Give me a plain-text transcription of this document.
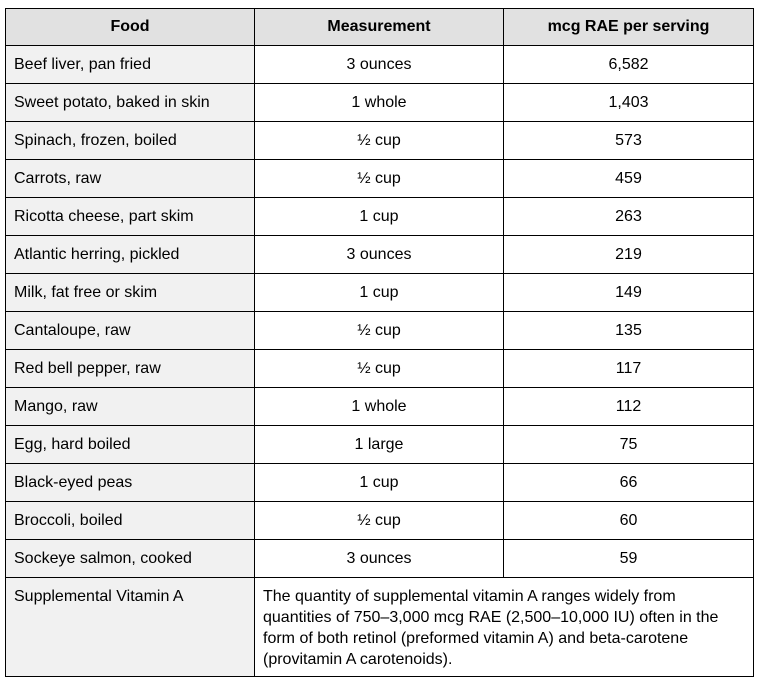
Food	Measurement	mcg RAE per serving
Beef liver, pan fried	3 ounces	6,582
Sweet potato, baked in skin	1 whole	1,403
Spinach, frozen, boiled	½ cup	573
Carrots, raw	½ cup	459
Ricotta cheese, part skim	1 cup	263
Atlantic herring, pickled	3 ounces	219
Milk, fat free or skim	1 cup	149
Cantaloupe, raw	½ cup	135
Red bell pepper, raw	½ cup	117
Mango, raw	1 whole	112
Egg, hard boiled	1 large	75
Black-eyed peas	1 cup	66
Broccoli, boiled	½ cup	60
Sockeye salmon, cooked	3 ounces	59
Supplemental Vitamin A	The quantity of supplemental vitamin A ranges widely from quantities of 750–3,000 mcg RAE (2,500–10,000 IU) often in the form of both retinol (preformed vitamin A) and beta-carotene (provitamin A carotenoids).	
